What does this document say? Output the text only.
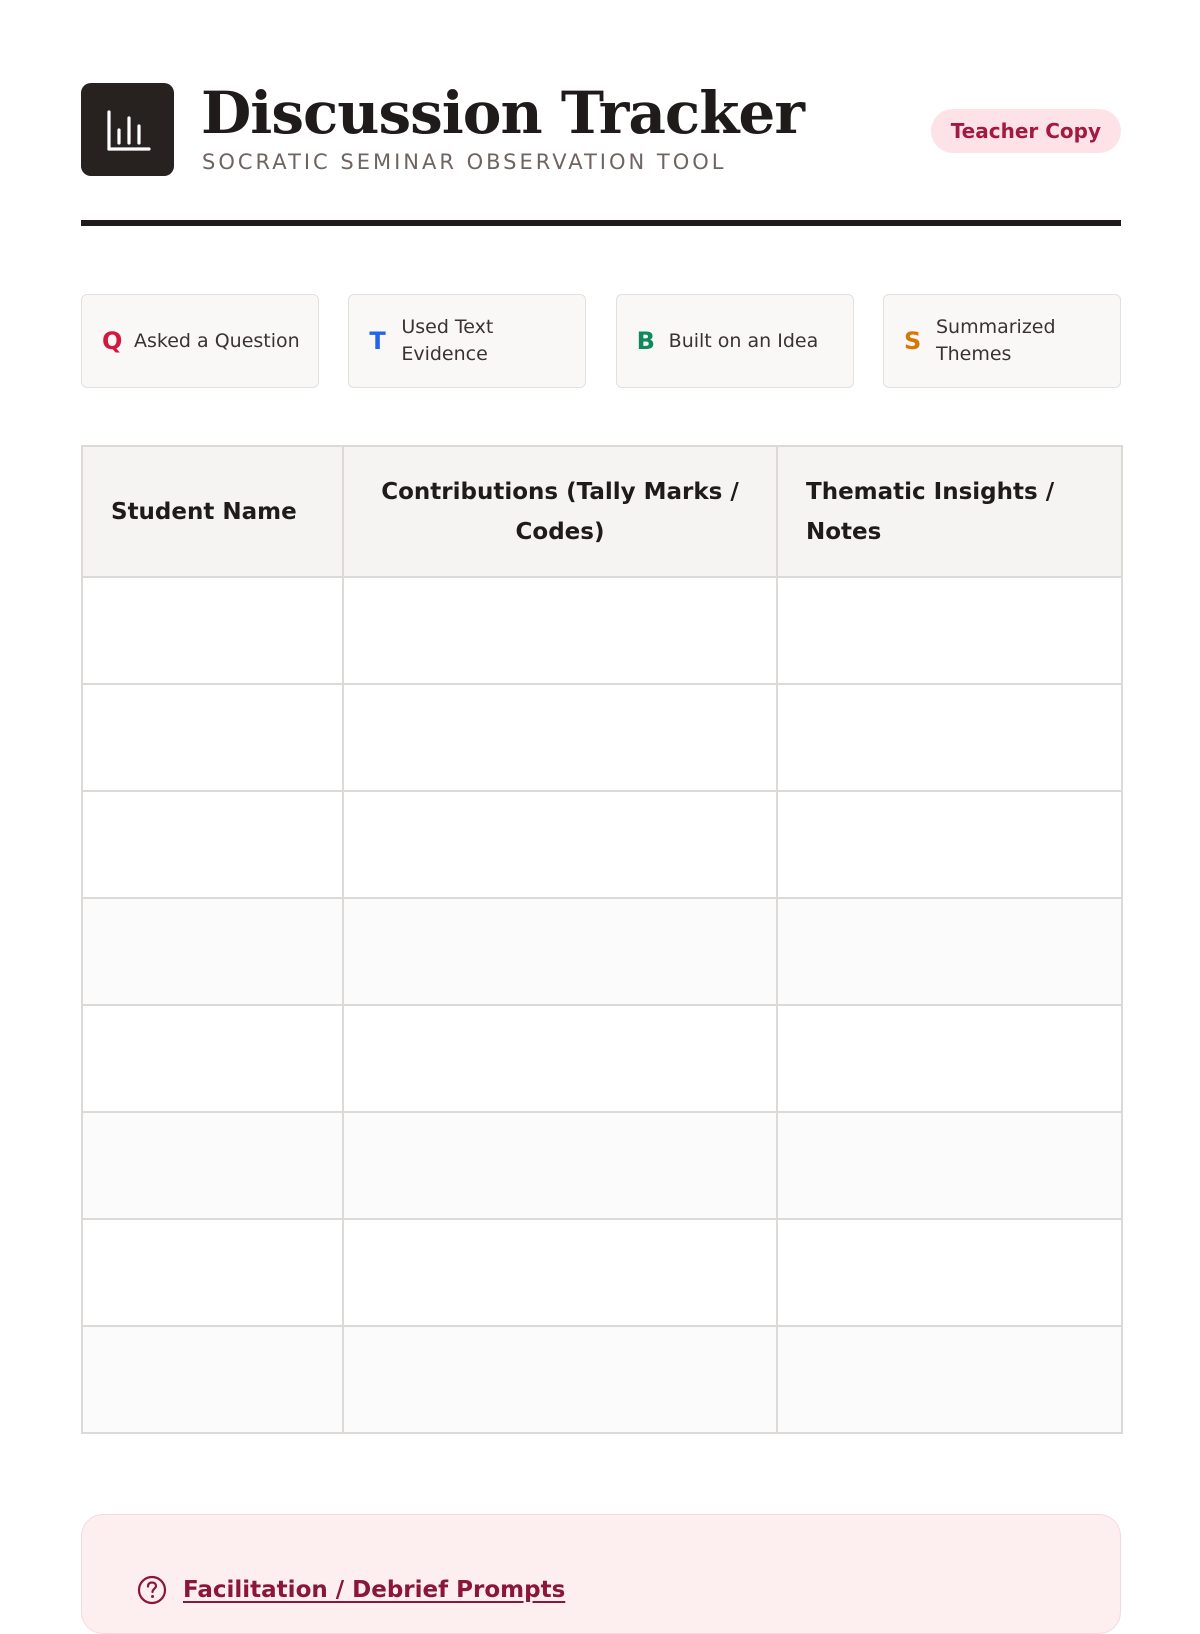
Discussion Tracker
SOCRATIC SEMINAR OBSERVATION TOOL
Teacher Copy
Q Asked a Question	T Used Text Evidence	B Built on an Idea	S Summarized Themes
Student Name	Contributions (Tally Marks / Codes)	Thematic Insights / Notes

Facilitation / Debrief Prompts
